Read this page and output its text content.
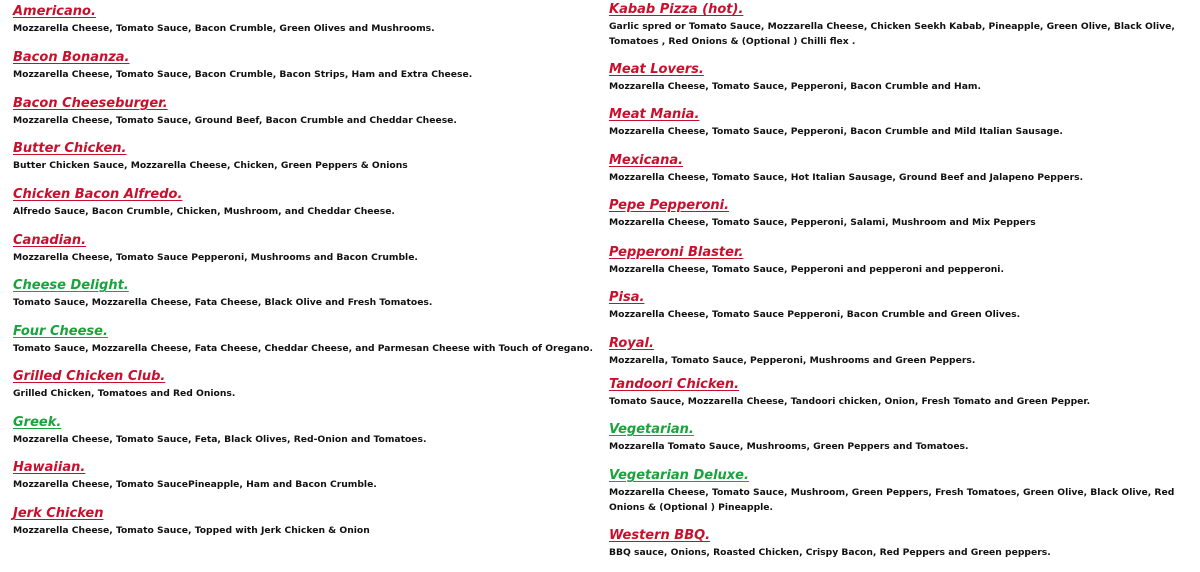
Americano.
Mozzarella Cheese, Tomato Sauce, Bacon Crumble, Green Olives and Mushrooms.
Bacon Bonanza.
Mozzarella Cheese, Tomato Sauce, Bacon Crumble, Bacon Strips, Ham and Extra Cheese.
Bacon Cheeseburger.
Mozzarella Cheese, Tomato Sauce, Ground Beef, Bacon Crumble and Cheddar Cheese.
Butter Chicken.
Butter Chicken Sauce, Mozzarella Cheese, Chicken, Green Peppers & Onions
Chicken Bacon Alfredo.
Alfredo Sauce, Bacon Crumble, Chicken, Mushroom, and Cheddar Cheese.
Canadian.
Mozzarella Cheese, Tomato Sauce Pepperoni, Mushrooms and Bacon Crumble.
Cheese Delight.
Tomato Sauce, Mozzarella Cheese, Fata Cheese, Black Olive and Fresh Tomatoes.
Four Cheese.
Tomato Sauce, Mozzarella Cheese, Fata Cheese, Cheddar Cheese, and Parmesan Cheese with Touch of Oregano.
Grilled Chicken Club.
Grilled Chicken, Tomatoes and Red Onions.
Greek.
Mozzarella Cheese, Tomato Sauce, Feta, Black Olives, Red-Onion and Tomatoes.
Hawaiian.
Mozzarella Cheese, Tomato SaucePineapple, Ham and Bacon Crumble.
Jerk Chicken
Mozzarella Cheese, Tomato Sauce, Topped with Jerk Chicken & Onion
Kabab Pizza (hot).
Garlic spred or Tomato Sauce, Mozzarella Cheese, Chicken Seekh Kabab, Pineapple, Green Olive, Black Olive, Tomatoes , Red Onions & (Optional ) Chilli flex .
Meat Lovers.
Mozzarella Cheese, Tomato Sauce, Pepperoni, Bacon Crumble and Ham.
Meat Mania.
Mozzarella Cheese, Tomato Sauce, Pepperoni, Bacon Crumble and Mild Italian Sausage.
Mexicana.
Mozzarella Cheese, Tomato Sauce, Hot Italian Sausage, Ground Beef and Jalapeno Peppers.
Pepe Pepperoni.
Mozzarella Cheese, Tomato Sauce, Pepperoni, Salami, Mushroom and Mix Peppers
Pepperoni Blaster.
Mozzarella Cheese, Tomato Sauce, Pepperoni and pepperoni and pepperoni.
Pisa.
Mozzarella Cheese, Tomato Sauce Pepperoni, Bacon Crumble and Green Olives.
Royal.
Mozzarella, Tomato Sauce, Pepperoni, Mushrooms and Green Peppers.
Tandoori Chicken.
Tomato Sauce, Mozzarella Cheese, Tandoori chicken, Onion, Fresh Tomato and Green Pepper.
Vegetarian.
Mozzarella Tomato Sauce, Mushrooms, Green Peppers and Tomatoes.
Vegetarian Deluxe.
Mozzarella Cheese, Tomato Sauce, Mushroom, Green Peppers, Fresh Tomatoes, Green Olive, Black Olive, Red Onions & (Optional ) Pineapple.
Western BBQ.
BBQ sauce, Onions, Roasted Chicken, Crispy Bacon, Red Peppers and Green peppers.
